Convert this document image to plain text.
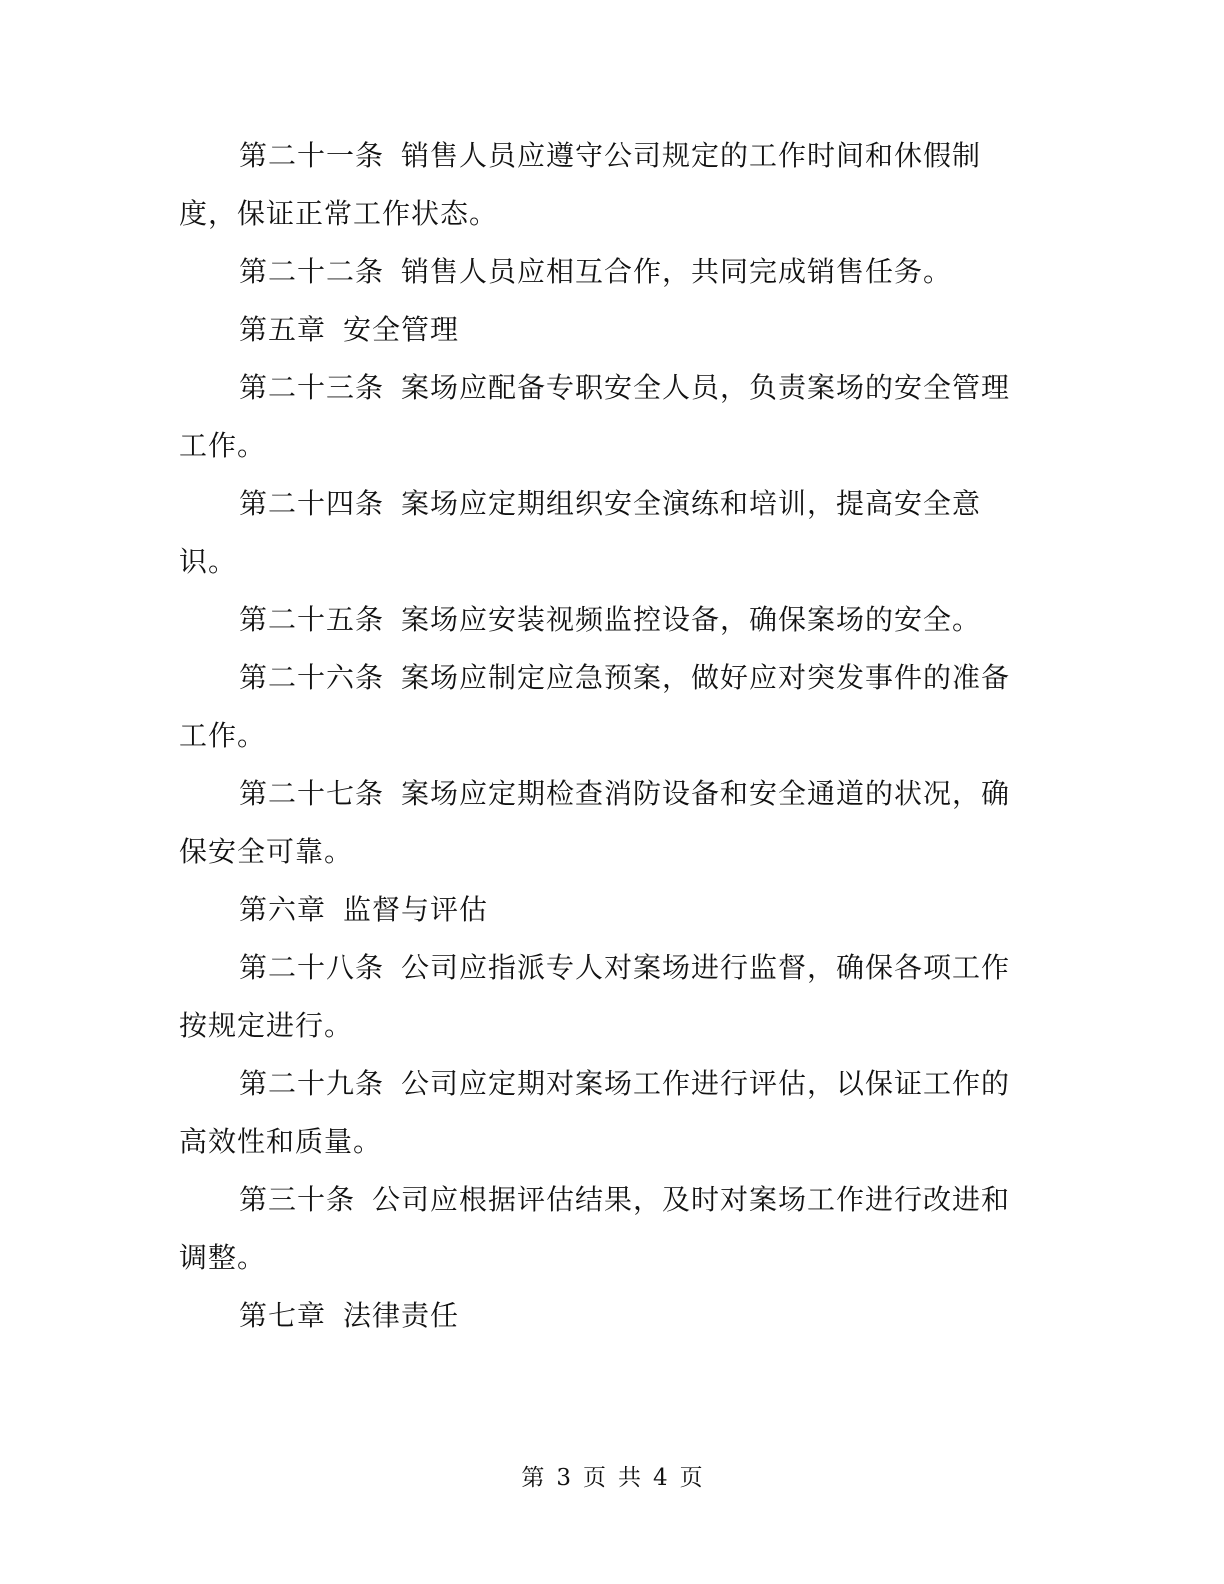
第二十一条 销售人员应遵守公司规定的工作时间和休假制度，保证正常工作状态。

第二十二条 销售人员应相互合作，共同完成销售任务。

第五章 安全管理

第二十三条 案场应配备专职安全人员，负责案场的安全管理工作。

第二十四条 案场应定期组织安全演练和培训，提高安全意识。

第二十五条 案场应安装视频监控设备，确保案场的安全。

第二十六条 案场应制定应急预案，做好应对突发事件的准备工作。

第二十七条 案场应定期检查消防设备和安全通道的状况，确保安全可靠。

第六章 监督与评估

第二十八条 公司应指派专人对案场进行监督，确保各项工作按规定进行。

第二十九条 公司应定期对案场工作进行评估，以保证工作的高效性和质量。

第三十条 公司应根据评估结果，及时对案场工作进行改进和调整。

第七章 法律责任

第 3 页 共 4 页
